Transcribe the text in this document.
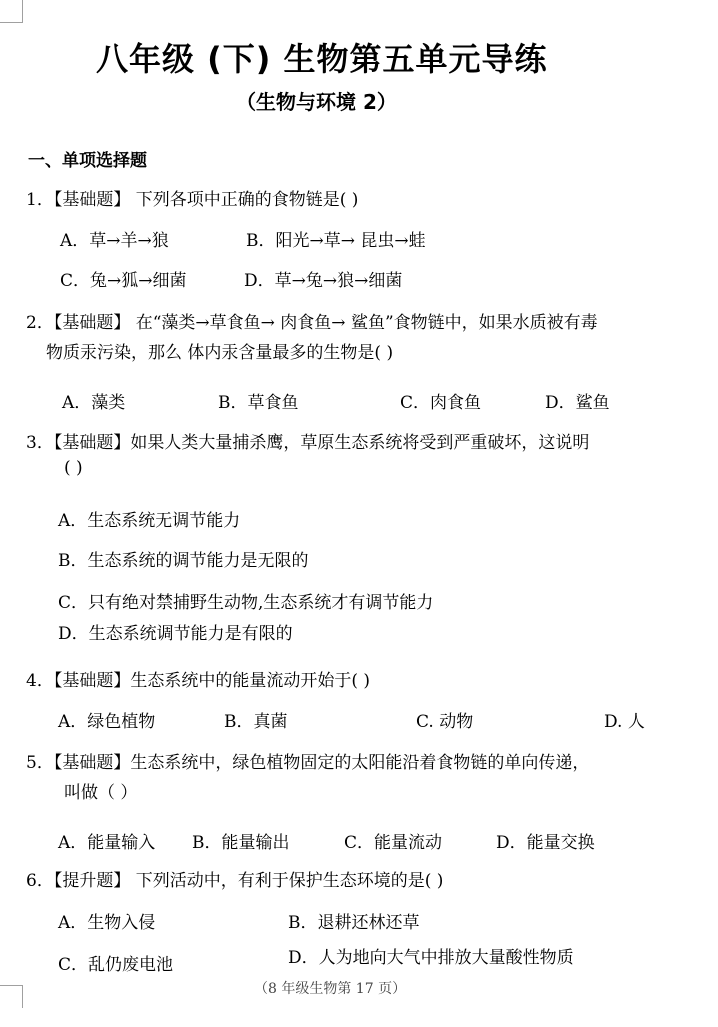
八年级 (下) 生物第五单元导练
（生物与环境 2）
一、单项选择题
1．【基础题】 下列各项中正确的食物链是( )
A．草→羊→狼	B．阳光→草→ 昆虫→蛙
C．兔→狐→细菌	D．草→兔→狼→细菌
2．【基础题】 在“藻类→草食鱼→ 肉食鱼→ 鲨鱼”食物链中，如果水质被有毒
物质汞污染，那么 体内汞含量最多的生物是( )
A．藻类	B．草食鱼	C．肉食鱼	D．鲨鱼
3．【基础题】如果人类大量捕杀鹰，草原生态系统将受到严重破坏，这说明
( )
A．生态系统无调节能力
B．生态系统的调节能力是无限的
C．只有绝对禁捕野生动物,生态系统才有调节能力
D．生态系统调节能力是有限的
4．【基础题】生态系统中的能量流动开始于( )
A．绿色植物	B．真菌	C. 动物	D. 人
5．【基础题】生态系统中，绿色植物固定的太阳能沿着食物链的单向传递，
叫做（ ）
A．能量输入 B．能量输出	C．能量流动	D．能量交换
6．【提升题】 下列活动中，有利于保护生态环境的是( )
A．生物入侵	B．退耕还林还草
C．乱仍废电池	D．人为地向大气中排放大量酸性物质
（8 年级生物第 17 页）
